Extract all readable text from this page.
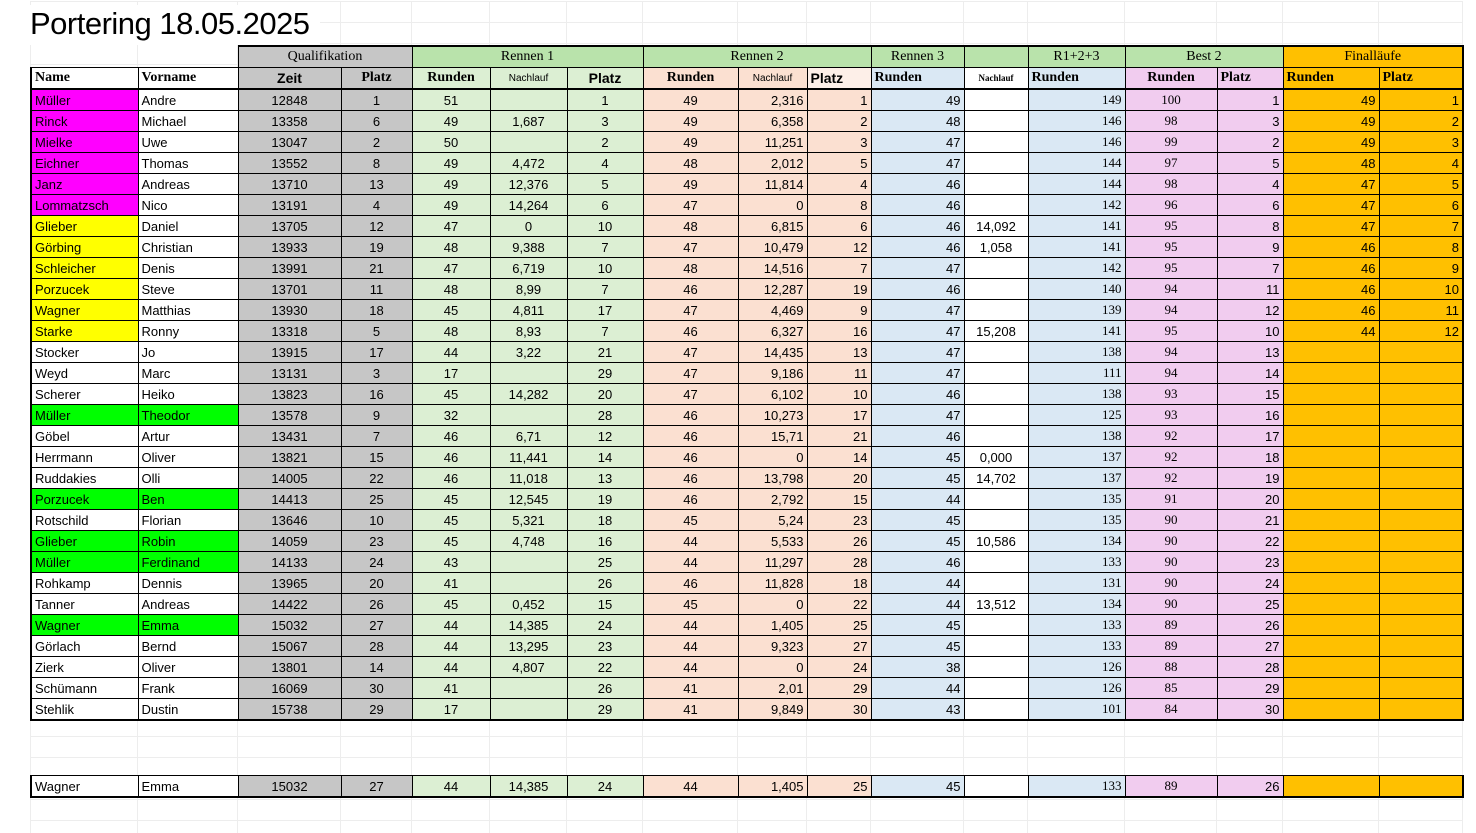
Portering 18.05.2025
		Qualifikation		Rennen 1			Rennen 2			Rennen 3		R1+2+3	Best 2		Finalläufe	
Name	Vorname	Zeit	Platz	Runden	Nachlauf	Platz	Runden	Nachlauf	Platz	Runden	Nachlauf	Runden	Runden	Platz	Runden	Platz
Müller	Andre	12848	1	51		1	49	2,316	1	49		149	100	1	49	1
Rinck	Michael	13358	6	49	1,687	3	49	6,358	2	48		146	98	3	49	2
Mielke	Uwe	13047	2	50		2	49	11,251	3	47		146	99	2	49	3
Eichner	Thomas	13552	8	49	4,472	4	48	2,012	5	47		144	97	5	48	4
Janz	Andreas	13710	13	49	12,376	5	49	11,814	4	46		144	98	4	47	5
Lommatzsch	Nico	13191	4	49	14,264	6	47	0	8	46		142	96	6	47	6
Glieber	Daniel	13705	12	47	0	10	48	6,815	6	46	14,092	141	95	8	47	7
Görbing	Christian	13933	19	48	9,388	7	47	10,479	12	46	1,058	141	95	9	46	8
Schleicher	Denis	13991	21	47	6,719	10	48	14,516	7	47		142	95	7	46	9
Porzucek	Steve	13701	11	48	8,99	7	46	12,287	19	46		140	94	11	46	10
Wagner	Matthias	13930	18	45	4,811	17	47	4,469	9	47		139	94	12	46	11
Starke	Ronny	13318	5	48	8,93	7	46	6,327	16	47	15,208	141	95	10	44	12
Stocker	Jo	13915	17	44	3,22	21	47	14,435	13	47		138	94	13		
Weyd	Marc	13131	3	17		29	47	9,186	11	47		111	94	14		
Scherer	Heiko	13823	16	45	14,282	20	47	6,102	10	46		138	93	15		
Müller	Theodor	13578	9	32		28	46	10,273	17	47		125	93	16		
Göbel	Artur	13431	7	46	6,71	12	46	15,71	21	46		138	92	17		
Herrmann	Oliver	13821	15	46	11,441	14	46	0	14	45	0,000	137	92	18		
Ruddakies	Olli	14005	22	46	11,018	13	46	13,798	20	45	14,702	137	92	19		
Porzucek	Ben	14413	25	45	12,545	19	46	2,792	15	44		135	91	20		
Rotschild	Florian	13646	10	45	5,321	18	45	5,24	23	45		135	90	21		
Glieber	Robin	14059	23	45	4,748	16	44	5,533	26	45	10,586	134	90	22		
Müller	Ferdinand	14133	24	43		25	44	11,297	28	46		133	90	23		
Rohkamp	Dennis	13965	20	41		26	46	11,828	18	44		131	90	24		
Tanner	Andreas	14422	26	45	0,452	15	45	0	22	44	13,512	134	90	25		
Wagner	Emma	15032	27	44	14,385	24	44	1,405	25	45		133	89	26		
Görlach	Bernd	15067	28	44	13,295	23	44	9,323	27	45		133	89	27		
Zierk	Oliver	13801	14	44	4,807	22	44	0	24	38		126	88	28		
Schümann	Frank	16069	30	41		26	41	2,01	29	44		126	85	29		
Stehlik	Dustin	15738	29	17		29	41	9,849	30	43		101	84	30		
Wagner	Emma	15032	27	44	14,385	24	44	1,405	25	45		133	89	26		
